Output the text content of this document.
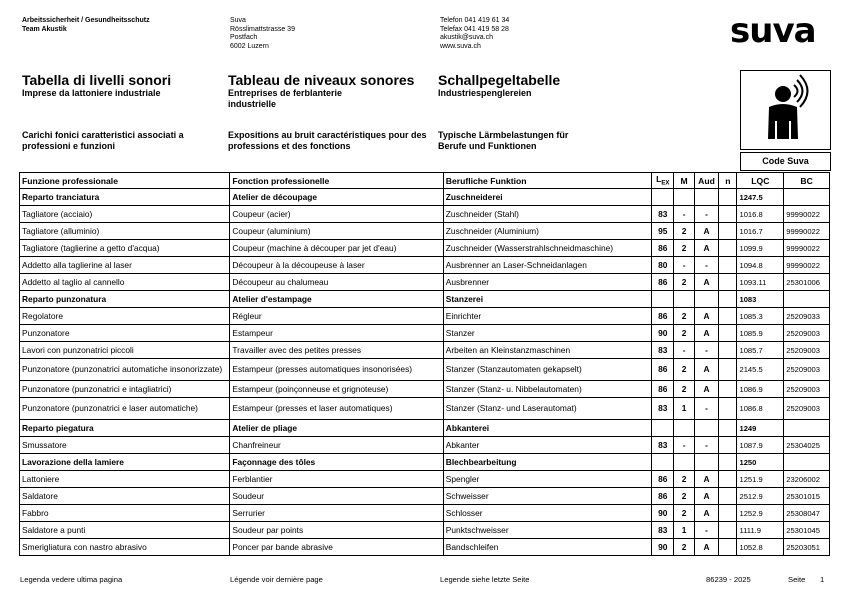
Arbeitssicherheit / Gesundheitsschutz
Team Akustik
Suva
Rösslimattstrasse 39
Postfach
6002 Luzern
Telefon 041 419 61 34
Telefax 041 419 58 28
akustik@suva.ch
www.suva.ch	suva
Tabella di livelli sonori
Imprese da lattoniere industriale
Tableau de niveaux sonores
Entreprises de ferblanterie industrielle
Schallpegeltabelle
Industriespenglereien
Carichi fonici caratteristici associati a professioni e funzioni
Expositions au bruit caractéristiques pour des professions et des fonctions
Typische Lärmbelastungen für Berufe und Funktionen
Code Suva
Funzione professionale	Fonction professionelle	Berufliche Funktion	$L_{EX}$	M	Aud	n	LQC	BC
Reparto tranciatura	Atelier de découpage	Zuschneiderei					1247.5	
Tagliatore (acciaio)	Coupeur (acier)	Zuschneider (Stahl)	83	-	-		1016.8	99990022
Tagliatore (alluminio)	Coupeur (aluminium)	Zuschneider (Aluminium)	95	2	A		1016.7	99990022
Tagliatore (taglierine a getto d'acqua)	Coupeur (machine à découper par jet d'eau)	Zuschneider (Wasserstrahlschneidmaschine)	86	2	A		1099.9	99990022
Addetto alla taglierine al laser	Découpeur à la découpeuse à laser	Ausbrenner an Laser-Schneidanlagen	80	-	-		1094.8	99990022
Addetto al taglio al cannello	Découpeur au chalumeau	Ausbrenner	86	2	A		1093.11	25301006
Reparto punzonatura	Atelier d'estampage	Stanzerei					1083	
Regolatore	Régleur	Einrichter	86	2	A		1085.3	25209033
Punzonatore	Estampeur	Stanzer	90	2	A		1085.9	25209003
Lavori con punzonatrici piccoli	Travailler avec des petites presses	Arbeiten an Kleinstanzmaschinen	83	-	-		1085.7	25209003
Punzonatore (punzonatrici automatiche insonorizzate)	Estampeur (presses automatiques insonorisées)	Stanzer (Stanzautomaten gekapselt)	86	2	A		2145.5	25209003
Punzonatore (punzonatrici e intagliatrici)	Estampeur (poinçonneuse et grignoteuse)	Stanzer (Stanz- u. Nibbelautomaten)	86	2	A		1086.9	25209003
Punzonatore (punzonatrici e laser automatiche)	Estampeur (presses et laser automatiques)	Stanzer (Stanz- und Laserautomat)	83	1	-		1086.8	25209003
Reparto piegatura	Atelier de pliage	Abkanterei					1249	
Smussatore	Chanfreineur	Abkanter	83	-	-		1087.9	25304025
Lavorazione della lamiere	Façonnage des tôles	Blechbearbeitung					1250	
Lattoniere	Ferblantier	Spengler	86	2	A		1251.9	23206002
Saldatore	Soudeur	Schweisser	86	2	A		2512.9	25301015
Fabbro	Serrurier	Schlosser	90	2	A		1252.9	25308047
Saldatore a punti	Soudeur par points	Punktschweisser	83	1	-		1111.9	25301045
Smerigliatura con nastro abrasivo	Poncer par bande abrasive	Bandschleifen	90	2	A		1052.8	25203051
Legenda vedere ultima pagina	Légende voir dernière page	Legende siehe letzte Seite	86239 - 2025	Seite 1
